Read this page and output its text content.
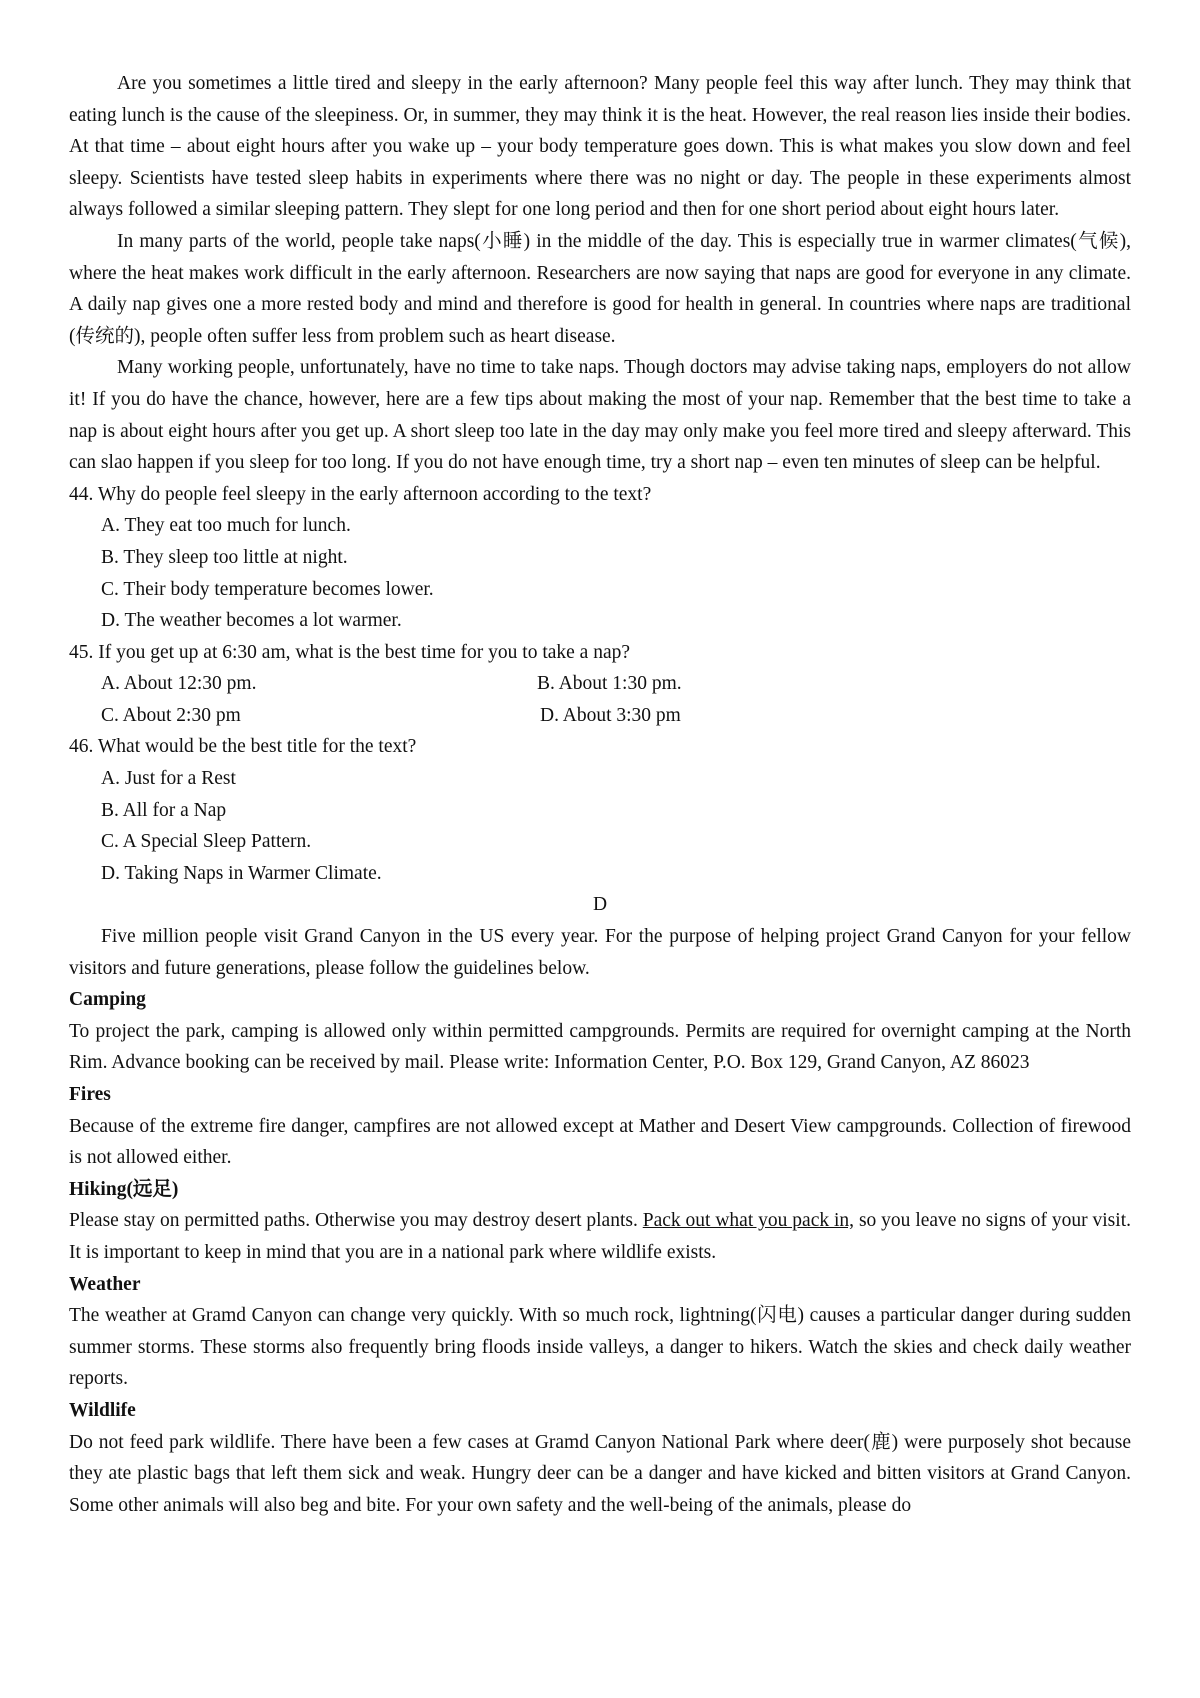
Are you sometimes a little tired and sleepy in the early afternoon? Many people feel this way after lunch. They may think that eating lunch is the cause of the sleepiness. Or, in summer, they may think it is the heat. However, the real reason lies inside their bodies. At that time – about eight hours after you wake up – your body temperature goes down. This is what makes you slow down and feel sleepy. Scientists have tested sleep habits in experiments where there was no night or day. The people in these experiments almost always followed a similar sleeping pattern. They slept for one long period and then for one short period about eight hours later.

In many parts of the world, people take naps(小睡) in the middle of the day. This is especially true in warmer climates(气候), where the heat makes work difficult in the early afternoon. Researchers are now saying that naps are good for everyone in any climate. A daily nap gives one a more rested body and mind and therefore is good for health in general. In countries where naps are traditional (传统的), people often suffer less from problem such as heart disease.

Many working people, unfortunately, have no time to take naps. Though doctors may advise taking naps, employers do not allow it! If you do have the chance, however, here are a few tips about making the most of your nap. Remember that the best time to take a nap is about eight hours after you get up. A short sleep too late in the day may only make you feel more tired and sleepy afterward. This can slao happen if you sleep for too long. If you do not have enough time, try a short nap – even ten minutes of sleep can be helpful.

44. Why do people feel sleepy in the early afternoon according to the text?

A. They eat too much for lunch.

B. They sleep too little at night.

C. Their body temperature becomes lower.

D. The weather becomes a lot warmer.

45. If you get up at 6:30 am, what is the best time for you to take a nap?

A. About 12:30 pm.	B. About 1:30 pm.
C. About 2:30 pm	D. About 3:30 pm

46. What would be the best title for the text?

A. Just for a Rest

B. All for a Nap

C. A Special Sleep Pattern.

D. Taking Naps in Warmer Climate.

D

Five million people visit Grand Canyon in the US every year. For the purpose of helping project Grand Canyon for your fellow visitors and future generations, please follow the guidelines below.

Camping

To project the park, camping is allowed only within permitted campgrounds. Permits are required for overnight camping at the North Rim. Advance booking can be received by mail. Please write: Information Center, P.O. Box 129, Grand Canyon, AZ 86023

Fires

Because of the extreme fire danger, campfires are not allowed except at Mather and Desert View campgrounds. Collection of firewood is not allowed either.

Hiking(远足)

Please stay on permitted paths. Otherwise you may destroy desert plants. Pack out what you pack in, so you leave no signs of your visit. It is important to keep in mind that you are in a national park where wildlife exists.

Weather

The weather at Gramd Canyon can change very quickly. With so much rock, lightning(闪电) causes a particular danger during sudden summer storms. These storms also frequently bring floods inside valleys, a danger to hikers. Watch the skies and check daily weather reports.

Wildlife

Do not feed park wildlife. There have been a few cases at Gramd Canyon National Park where deer(鹿) were purposely shot because they ate plastic bags that left them sick and weak. Hungry deer can be a danger and have kicked and bitten visitors at Grand Canyon. Some other animals will also beg and bite. For your own safety and the well-being of the animals, please do
